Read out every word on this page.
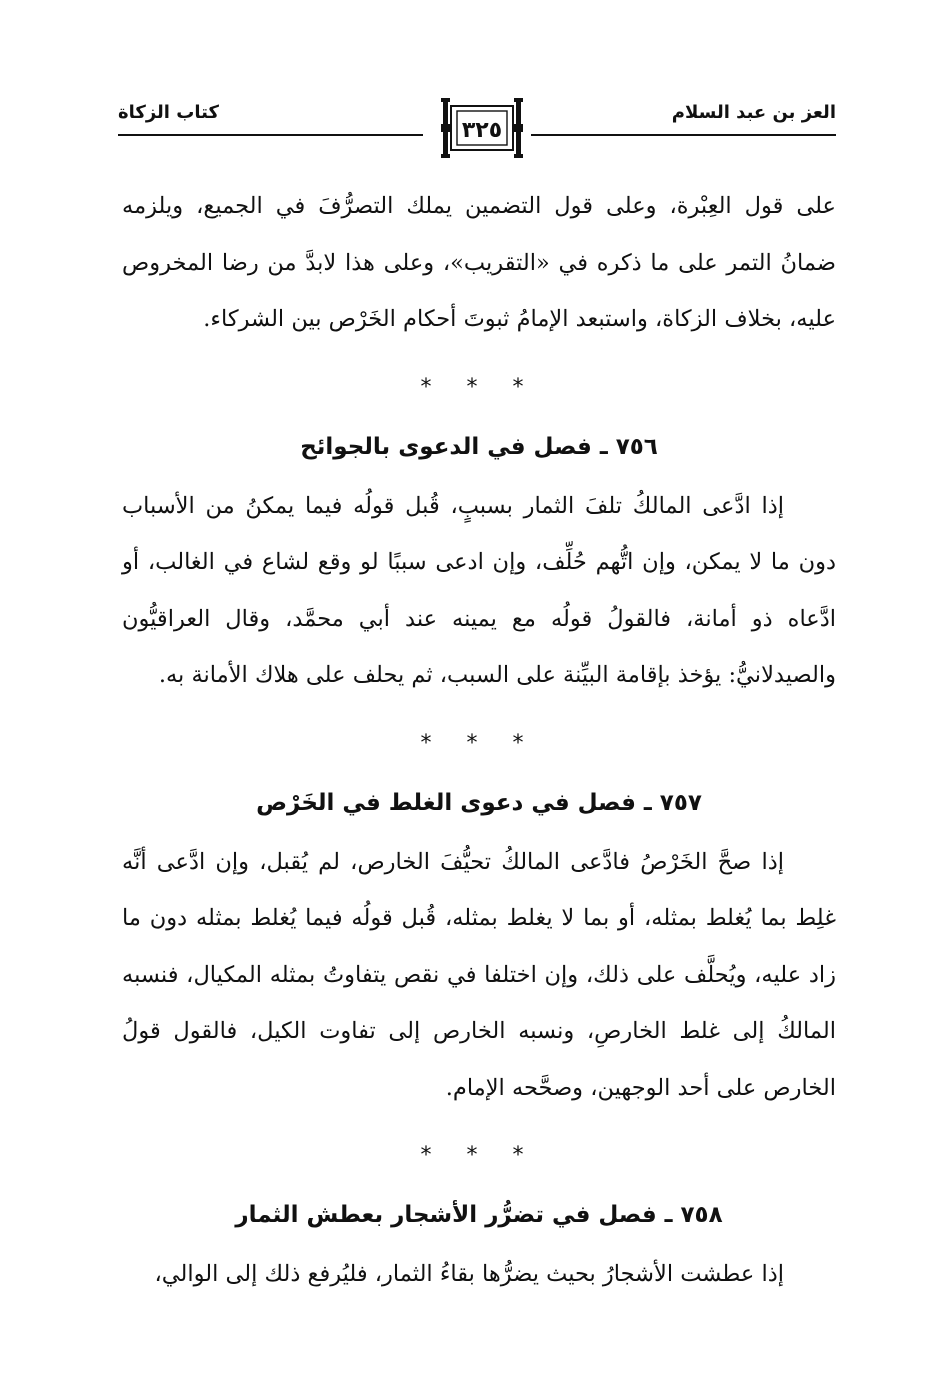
العز بن عبد السلام
٣٢٥
كتاب الزكاة

على قول العِبْرة، وعلى قول التضمين يملك التصرُّفَ في الجميع، ويلزمه ضمانُ التمر على ما ذكره في «التقريب»، وعلى هذا لابدَّ من رضا المخروص عليه، بخلاف الزكاة، واستبعد الإمامُ ثبوتَ أحكام الخَرْص بين الشركاء.

* * *
٧٥٦ ـ فصل في الدعوى بالجوائح

إذا ادَّعى المالكُ تلفَ الثمار بسببٍ، قُبل قولُه فيما يمكنُ من الأسباب دون ما لا يمكن، وإن اتُّهم حُلِّف، وإن ادعى سببًا لو وقع لشاع في الغالب، أو ادَّعاه ذو أمانة، فالقولُ قولُه مع يمينه عند أبي محمَّد، وقال العراقيُّون والصيدلانيُّ: يؤخذ بإقامة البيِّنة على السبب، ثم يحلف على هلاك الأمانة به.

* * *
٧٥٧ ـ فصل في دعوى الغلط في الخَرْص

إذا صحَّ الخَرْصُ فادَّعى المالكُ تحيُّفَ الخارص، لم يُقبل، وإن ادَّعى أنَّه غلِط بما يُغلط بمثله، أو بما لا يغلط بمثله، قُبل قولُه فيما يُغلط بمثله دون ما زاد عليه، ويُحلَّف على ذلك، وإن اختلفا في نقص يتفاوتُ بمثله المكيال، فنسبه المالكُ إلى غلط الخارصِ، ونسبه الخارص إلى تفاوت الكيل، فالقول قولُ الخارص على أحد الوجهين، وصحَّحه الإمام.

* * *
٧٥٨ ـ فصل في تضرُّر الأشجار بعطش الثمار

إذا عطشت الأشجارُ بحيث يضرُّها بقاءُ الثمار، فليُرفع ذلك إلى الوالي،
